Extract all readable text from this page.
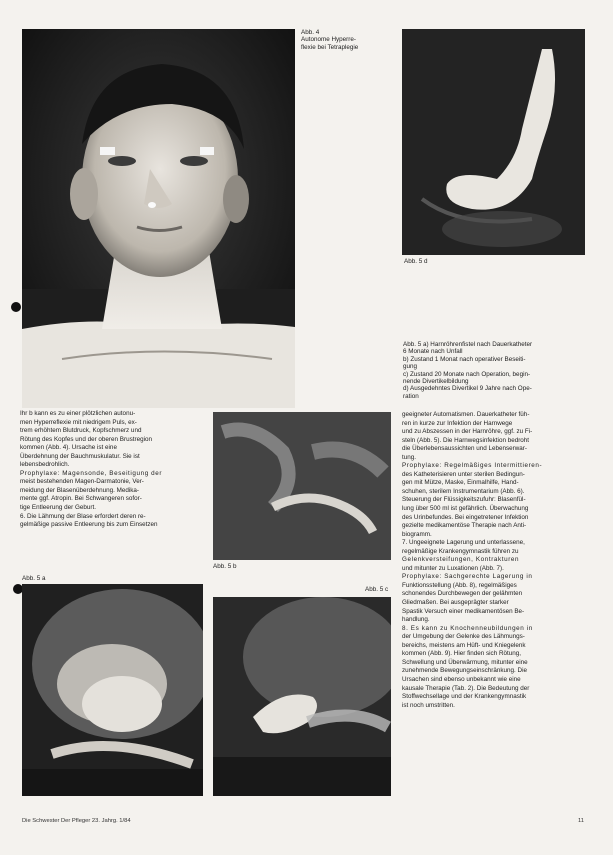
Abb. 4
Autonome Hyperre-
flexie bei Tetraplegie
Abb. 5 d
Abb. 5 a) Harnröhrenfistel nach Dauerkatheter
6 Monate nach Unfall
b) Zustand 1 Monat nach operativer Beseiti-
gung
c) Zustand 20 Monate nach Operation, begin-
nende Divertikelbildung
d) Ausgedehntes Divertikel 9 Jahre nach Ope-
ration

Ihr b kann es zu einer plötzlichen autonu-

men Hyperreflexie mit niedrigem Puls, ex-

trem erhöhtem Blutdruck, Kopfschmerz und

Rötung des Kopfes und der oberen Brustregion

kommen (Abb. 4). Ursache ist eine

Überdehnung der Bauchmuskulatur. Sie ist

lebensbedrohlich.

Prophylaxe: Magensonde, Beseitigung der

meist bestehenden Magen-Darmatonie, Ver-

meidung der Blasenüberdehnung. Medika-

mente ggf. Atropin. Bei Schwangeren sofor-

tige Entleerung der Geburt.

6. Die Lähmung der Blase erfordert deren re-

gelmäßige passive Entleerung bis zum Einsetzen

Abb. 5 b
Abb. 5 a
Abb. 5 c

geeigneter Automatismen. Dauerkatheter füh-

ren in kurze zur Infektion der Harnwege

und zu Abszessen in der Harnröhre, ggf. zu Fi-

steln (Abb. 5). Die Harnwegsinfektion bedroht

die Überlebensaussichten und Lebenserwar-

tung.

Prophylaxe: Regelmäßiges Intermittieren-

des Katheterisieren unter sterilen Bedingun-

gen mit Mütze, Maske, Einmalhilfe, Hand-

schuhen, sterilem Instrumentarium (Abb. 6).

Steuerung der Flüssigkeitszufuhr: Blasenfül-

lung über 500 ml ist gefährlich. Überwachung

des Urinbefundes. Bei eingetretener Infektion

gezielte medikamentöse Therapie nach Anti-

biogramm.

7. Ungeeignete Lagerung und unterlassene,

regelmäßige Krankengymnastik führen zu

Gelenkversteifungen, Kontrakturen

und mitunter zu Luxationen (Abb. 7).

Prophylaxe: Sachgerechte Lagerung in

Funktionsstellung (Abb. 8), regelmäßiges

schonendes Durchbewegen der gelähmten

Gliedmaßen. Bei ausgeprägter starker

Spastik Versuch einer medikamentösen Be-

handlung.

8. Es kann zu Knochenneubildungen in

der Umgebung der Gelenke des Lähmungs-

bereichs, meistens am Hüft- und Kniegelenk

kommen (Abb. 9). Hier finden sich Rötung,

Schwellung und Überwärmung, mitunter eine

zunehmende Bewegungseinschränkung. Die

Ursachen sind ebenso unbekannt wie eine

kausale Therapie (Tab. 2). Die Bedeutung der

Stoffwechsellage und der Krankengymnastik

ist noch umstritten.

Die Schwester Der Pfleger 23. Jahrg. 1/84	11
